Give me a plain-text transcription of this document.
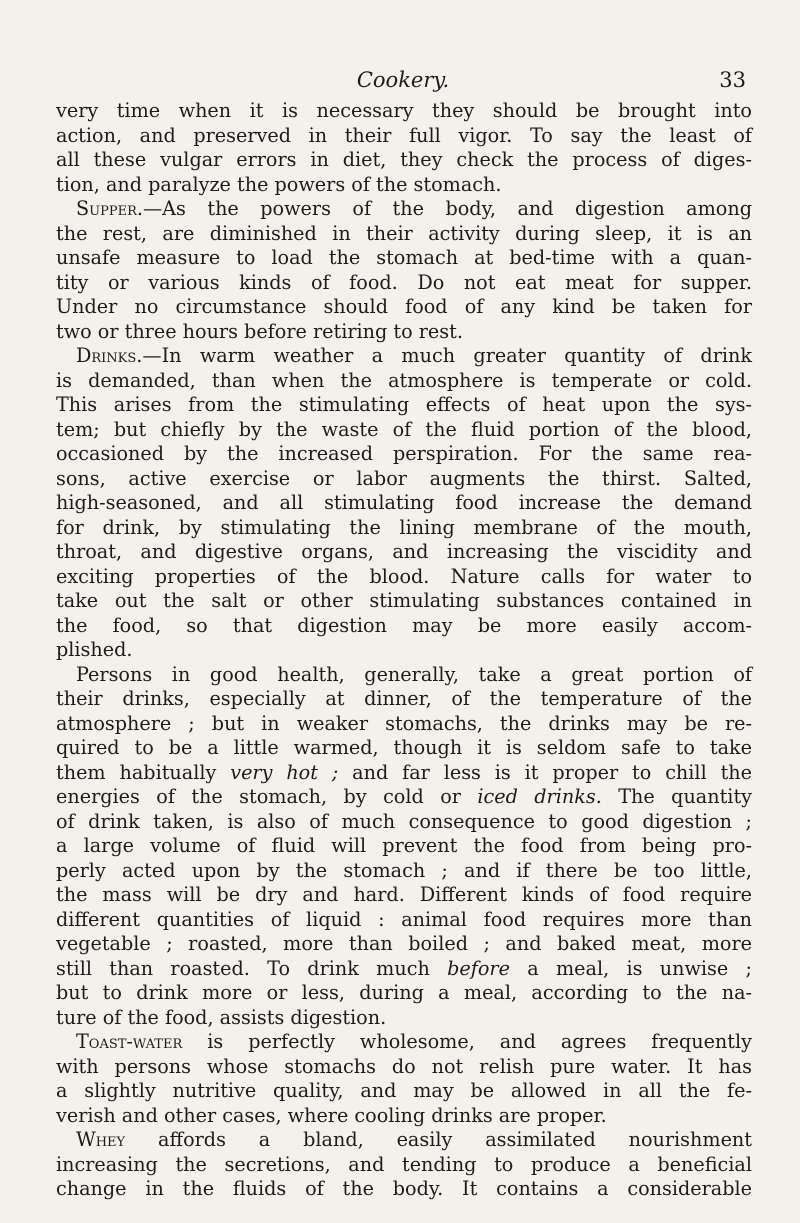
Cookery.	33
very time when it is necessary they should be brought into
action, and preserved in their full vigor. To say the least of
all these vulgar errors in diet, they check the process of diges-
tion, and paralyze the powers of the stomach.
Supper.—As the powers of the body, and digestion among
the rest, are diminished in their activity during sleep, it is an
unsafe measure to load the stomach at bed-time with a quan-
tity or various kinds of food. Do not eat meat for supper.
Under no circumstance should food of any kind be taken for
two or three hours before retiring to rest.
Drinks.—In warm weather a much greater quantity of drink
is demanded, than when the atmosphere is temperate or cold.
This arises from the stimulating effects of heat upon the sys-
tem; but chiefly by the waste of the fluid portion of the blood,
occasioned by the increased perspiration. For the same rea-
sons, active exercise or labor augments the thirst. Salted,
high-seasoned, and all stimulating food increase the demand
for drink, by stimulating the lining membrane of the mouth,
throat, and digestive organs, and increasing the viscidity and
exciting properties of the blood. Nature calls for water to
take out the salt or other stimulating substances contained in
the food, so that digestion may be more easily accom-
plished.
Persons in good health, generally, take a great portion of
their drinks, especially at dinner, of the temperature of the
atmosphere ; but in weaker stomachs, the drinks may be re-
quired to be a little warmed, though it is seldom safe to take
them habitually very hot ; and far less is it proper to chill the
energies of the stomach, by cold or iced drinks. The quantity
of drink taken, is also of much consequence to good digestion ;
a large volume of fluid will prevent the food from being pro-
perly acted upon by the stomach ; and if there be too little,
the mass will be dry and hard. Different kinds of food require
different quantities of liquid : animal food requires more than
vegetable ; roasted, more than boiled ; and baked meat, more
still than roasted. To drink much before a meal, is unwise ;
but to drink more or less, during a meal, according to the na-
ture of the food, assists digestion.
Toast-water is perfectly wholesome, and agrees frequently
with persons whose stomachs do not relish pure water. It has
a slightly nutritive quality, and may be allowed in all the fe-
verish and other cases, where cooling drinks are proper.
Whey affords a bland, easily assimilated nourishment
increasing the secretions, and tending to produce a beneficial
change in the fluids of the body. It contains a considerable
